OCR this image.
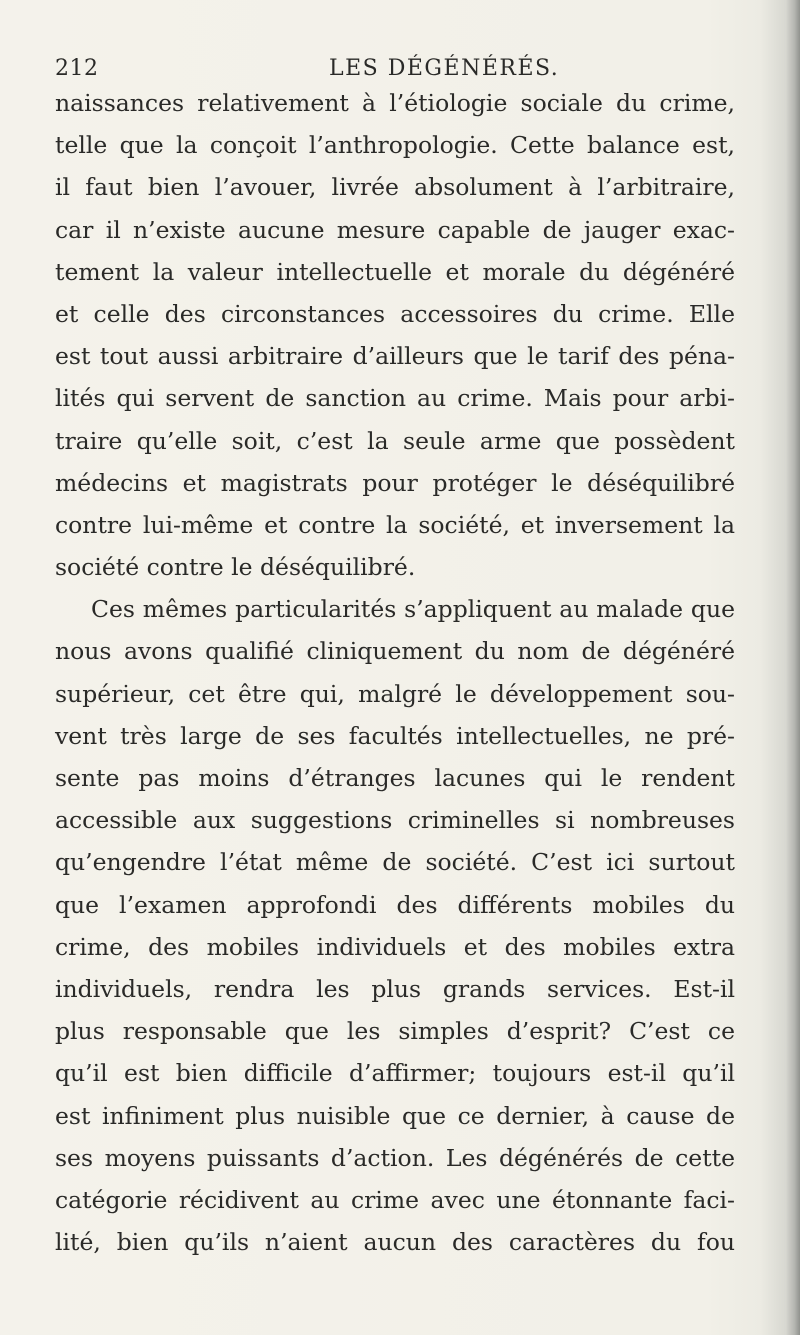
212	LES DÉGÉNÉRÉS.
naissances relativement à l’étiologie sociale du crime,
telle que la conçoit l’anthropologie. Cette balance est,
il faut bien l’avouer, livrée absolument à l’arbitraire,
car il n’existe aucune mesure capable de jauger exac-
tement la valeur intellectuelle et morale du dégénéré
et celle des circonstances accessoires du crime. Elle
est tout aussi arbitraire d’ailleurs que le tarif des péna-
lités qui servent de sanction au crime. Mais pour arbi-
traire qu’elle soit, c’est la seule arme que possèdent
médecins et magistrats pour protéger le déséquilibré
contre lui-même et contre la société, et inversement la
société contre le déséquilibré.
Ces mêmes particularités s’appliquent au malade que
nous avons qualifié cliniquement du nom de dégénéré
supérieur, cet être qui, malgré le développement sou-
vent très large de ses facultés intellectuelles, ne pré-
sente pas moins d’étranges lacunes qui le rendent
accessible aux suggestions criminelles si nombreuses
qu’engendre l’état même de société. C’est ici surtout
que l’examen approfondi des différents mobiles du
crime, des mobiles individuels et des mobiles extra
individuels, rendra les plus grands services. Est-il
plus responsable que les simples d’esprit? C’est ce
qu’il est bien difficile d’affirmer; toujours est-il qu’il
est infiniment plus nuisible que ce dernier, à cause de
ses moyens puissants d’action. Les dégénérés de cette
catégorie récidivent au crime avec une étonnante faci-
lité, bien qu’ils n’aient aucun des caractères du fou
